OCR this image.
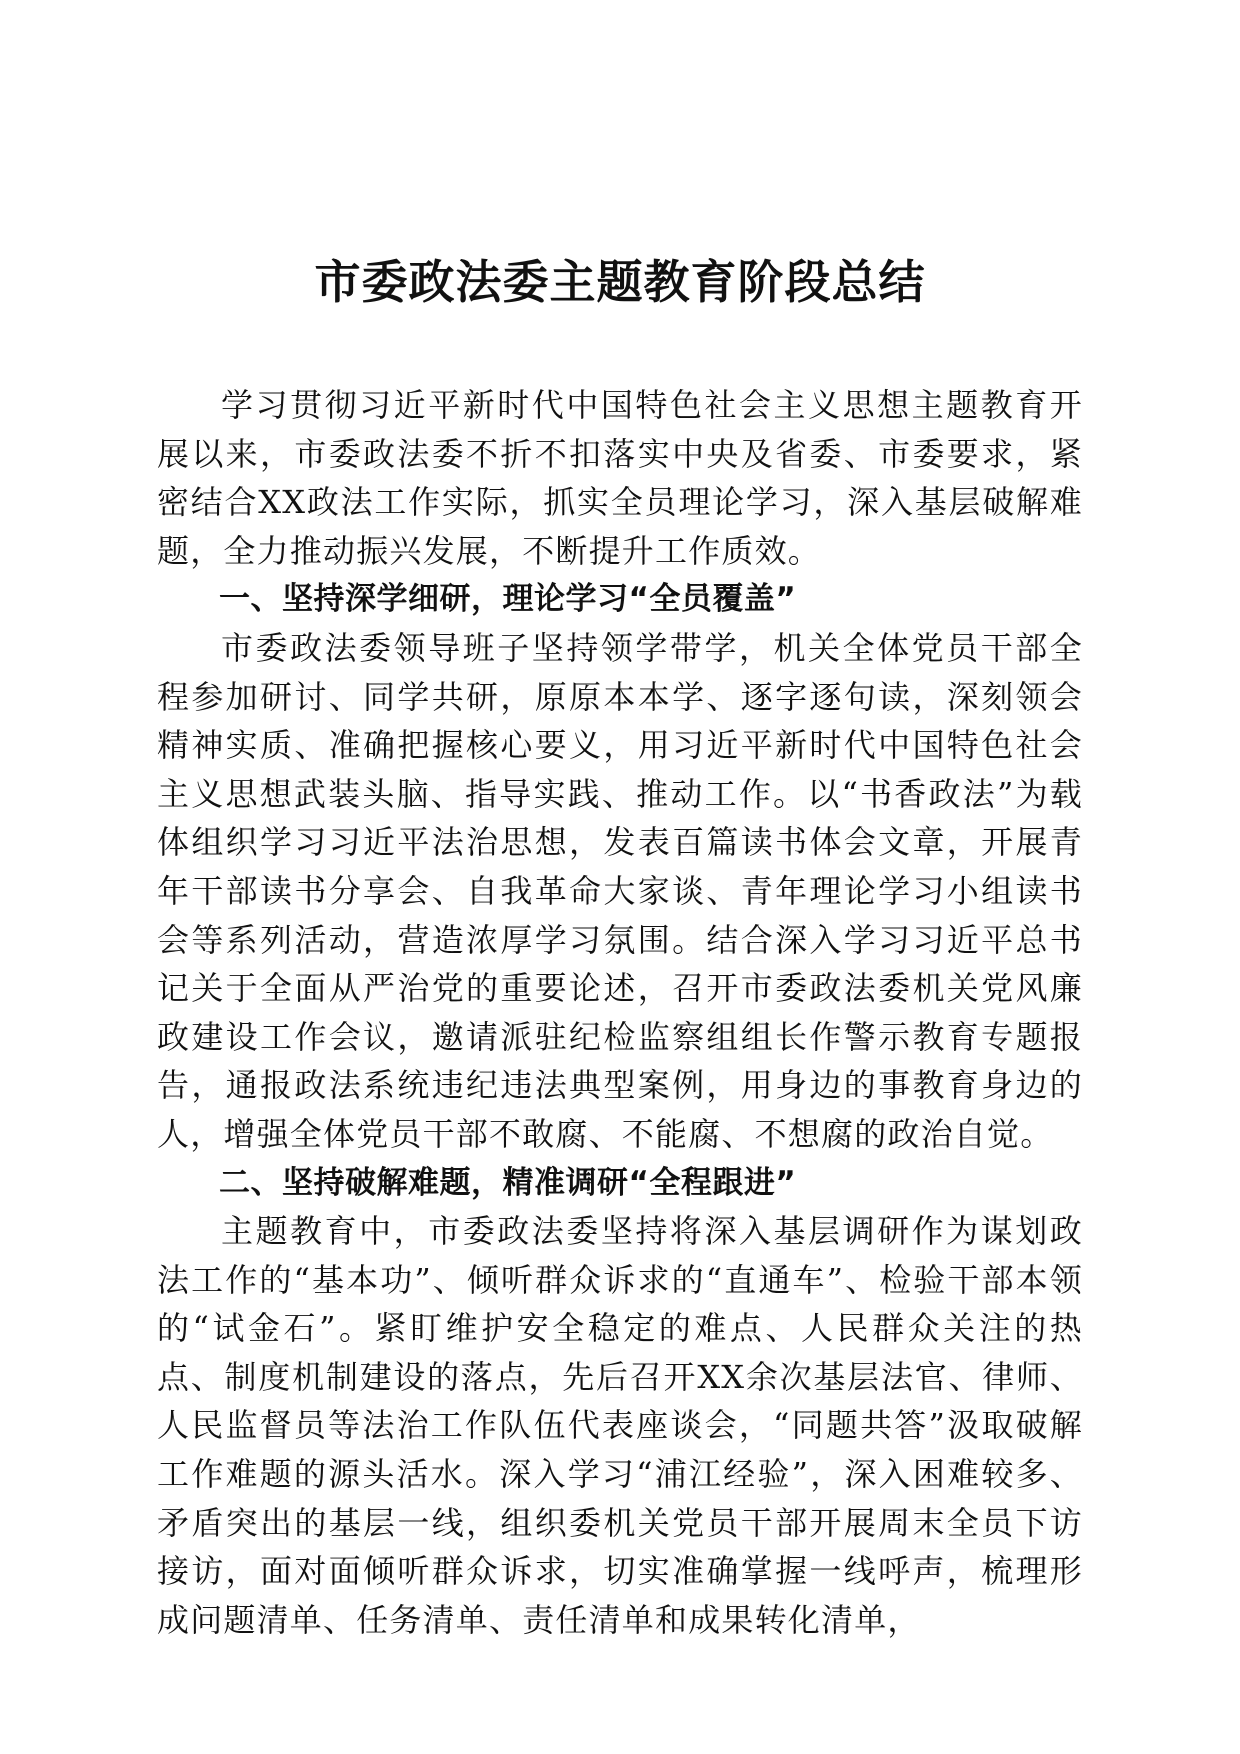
市委政法委主题教育阶段总结

学习贯彻习近平新时代中国特色社会主义思想主题教育开展以来，市委政法委不折不扣落实中央及省委、市委要求，紧密结合XX政法工作实际，抓实全员理论学习，深入基层破解难题，全力推动振兴发展，不断提升工作质效。

一、坚持深学细研，理论学习“全员覆盖”

市委政法委领导班子坚持领学带学，机关全体党员干部全程参加研讨、同学共研，原原本本学、逐字逐句读，深刻领会精神实质、准确把握核心要义，用习近平新时代中国特色社会主义思想武装头脑、指导实践、推动工作。以“书香政法”为载体组织学习习近平法治思想，发表百篇读书体会文章，开展青年干部读书分享会、自我革命大家谈、青年理论学习小组读书会等系列活动，营造浓厚学习氛围。结合深入学习习近平总书记关于全面从严治党的重要论述，召开市委政法委机关党风廉政建设工作会议，邀请派驻纪检监察组组长作警示教育专题报告，通报政法系统违纪违法典型案例，用身边的事教育身边的人，增强全体党员干部不敢腐、不能腐、不想腐的政治自觉。

二、坚持破解难题，精准调研“全程跟进”

主题教育中，市委政法委坚持将深入基层调研作为谋划政法工作的“基本功”、倾听群众诉求的“直通车”、检验干部本领的“试金石”。紧盯维护安全稳定的难点、人民群众关注的热点、制度机制建设的落点，先后召开XX余次基层法官、律师、人民监督员等法治工作队伍代表座谈会，“同题共答”汲取破解工作难题的源头活水。深入学习“浦江经验”，深入困难较多、矛盾突出的基层一线，组织委机关党员干部开展周末全员下访接访，面对面倾听群众诉求，切实准确掌握一线呼声，梳理形成问题清单、任务清单、责任清单和成果转化清单，
